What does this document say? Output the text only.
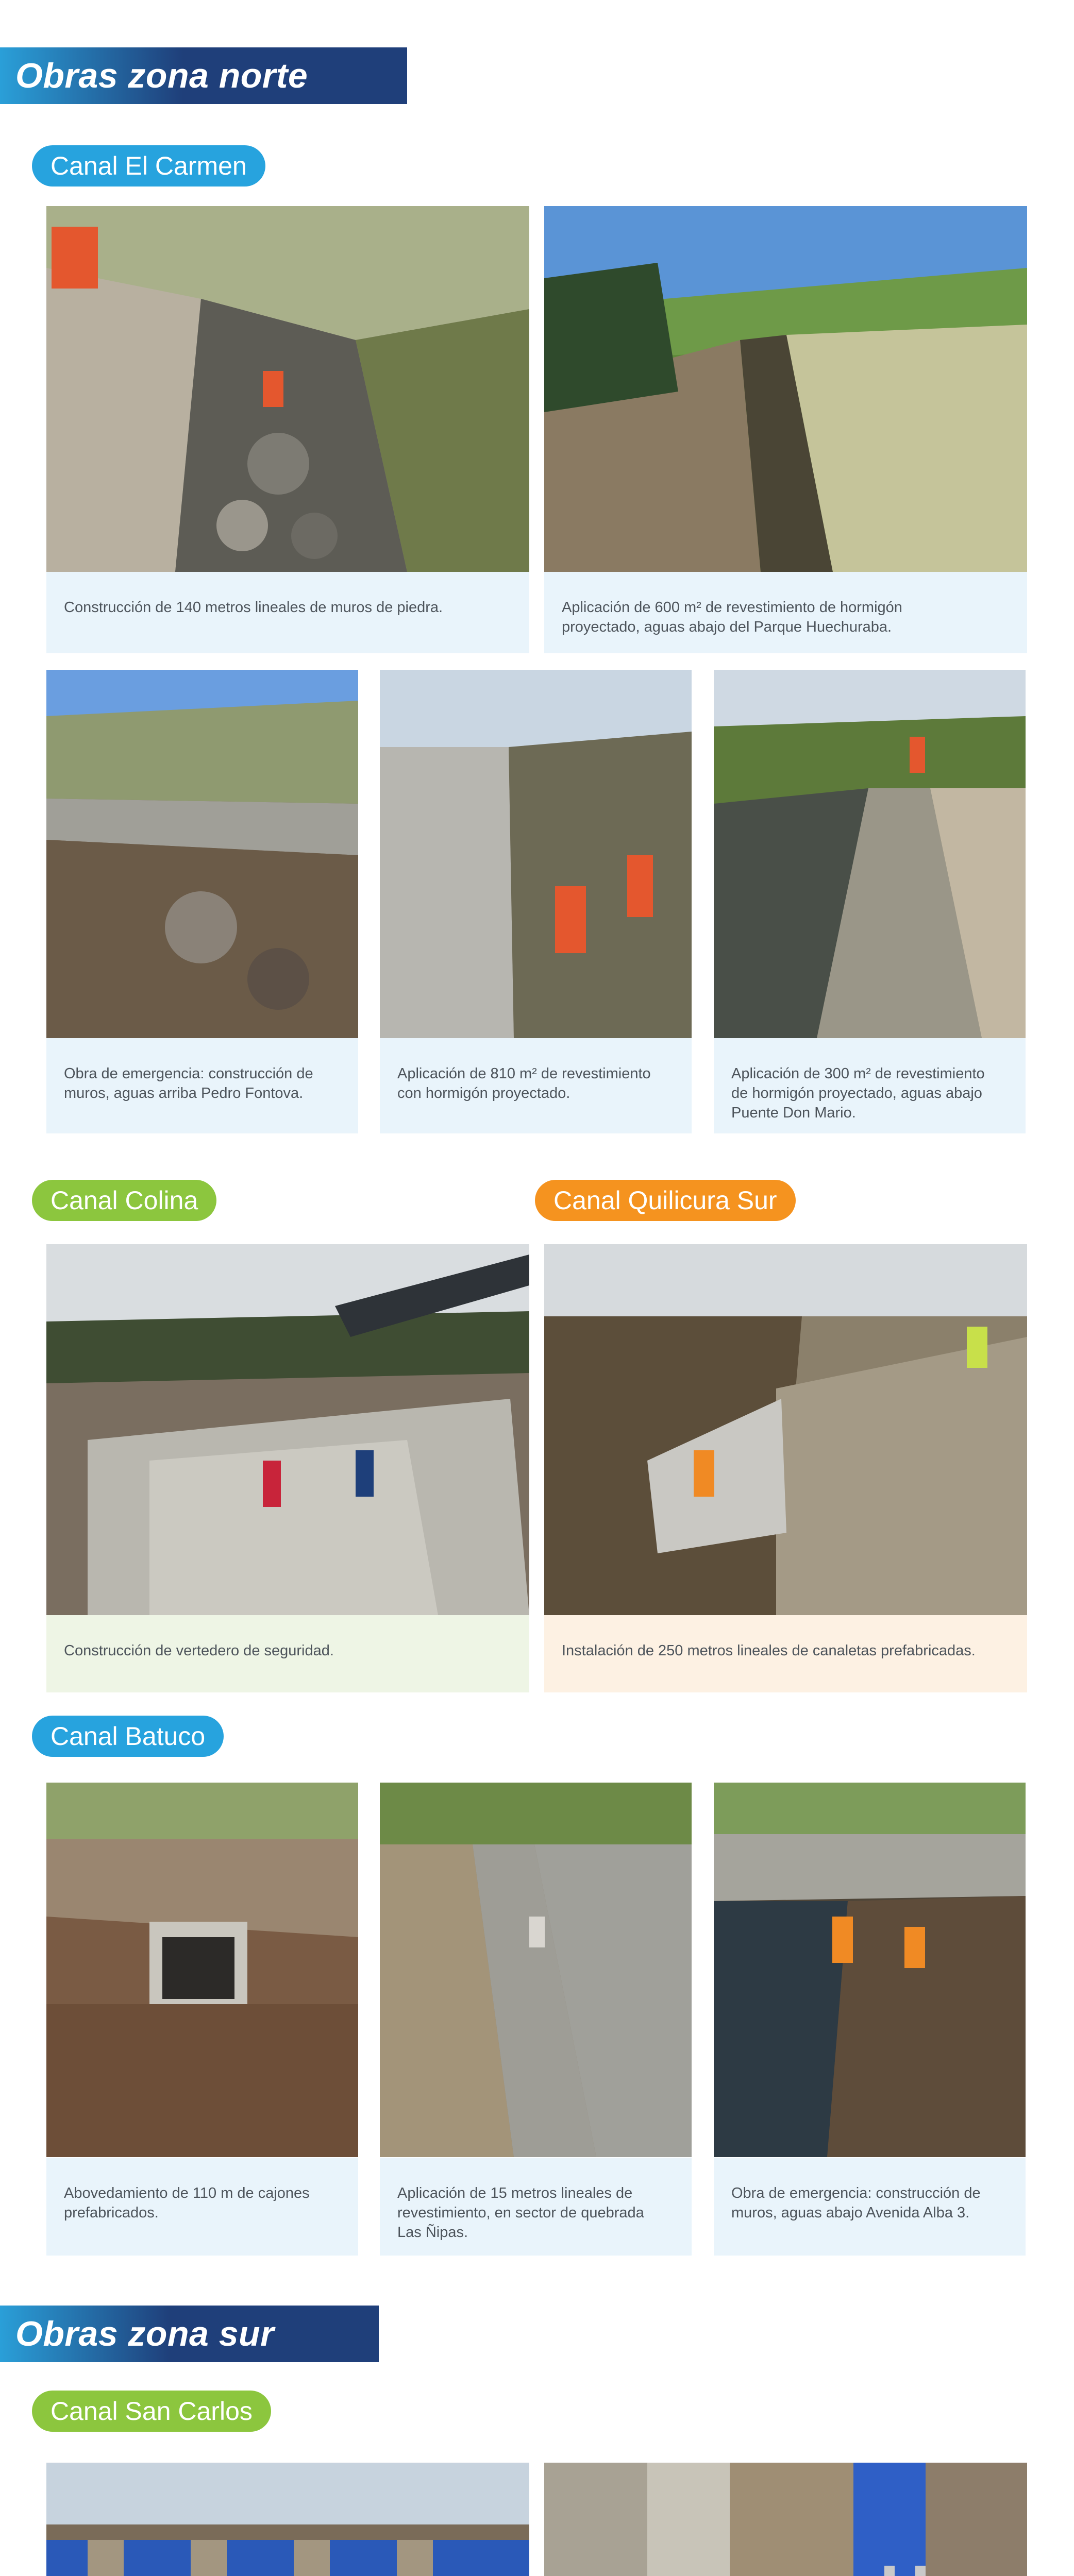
Obras zona norte
Canal El Carmen
Construcción de 140 metros lineales de muros de piedra.	Aplicación de 600 m² de revestimiento de hormigón
proyectado, aguas abajo del Parque Huechuraba.
Obra de emergencia: construcción de
muros, aguas arriba Pedro Fontova.
Aplicación de 810 m² de revestimiento
con hormigón proyectado.
Aplicación de 300 m² de revestimiento
de hormigón proyectado, aguas abajo
Puente Don Mario.
Canal Colina	Canal Quilicura Sur
Construcción de vertedero de seguridad.	Instalación de 250 metros lineales de canaletas prefabricadas.
Canal Batuco
Abovedamiento de 110 m de cajones
prefabricados.
Aplicación de 15 metros lineales de
revestimiento, en sector de quebrada
Las Ñipas.
Obra de emergencia: construcción de
muros, aguas abajo Avenida Alba 3.
Obras zona sur
Canal San Carlos
